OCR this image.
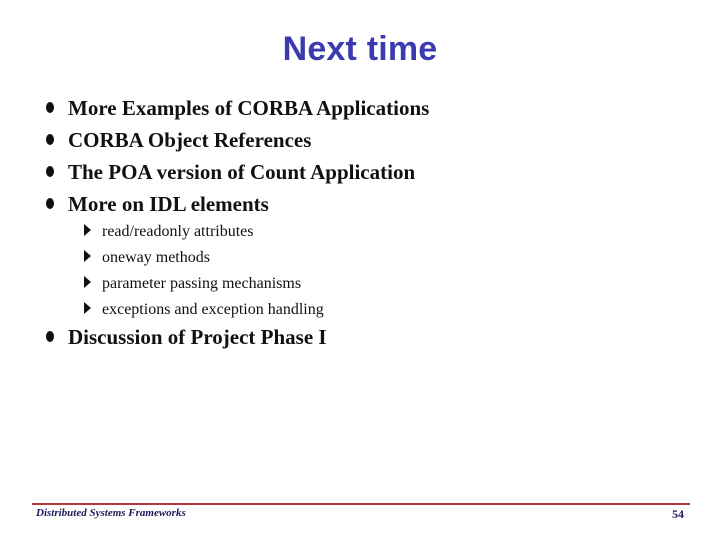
Next time
More Examples of CORBA Applications
CORBA Object References
The POA version of Count Application
More on IDL elements
read/readonly attributes
oneway methods
parameter passing mechanisms
exceptions and exception handling
Discussion of Project Phase I
Distributed Systems Frameworks	54
